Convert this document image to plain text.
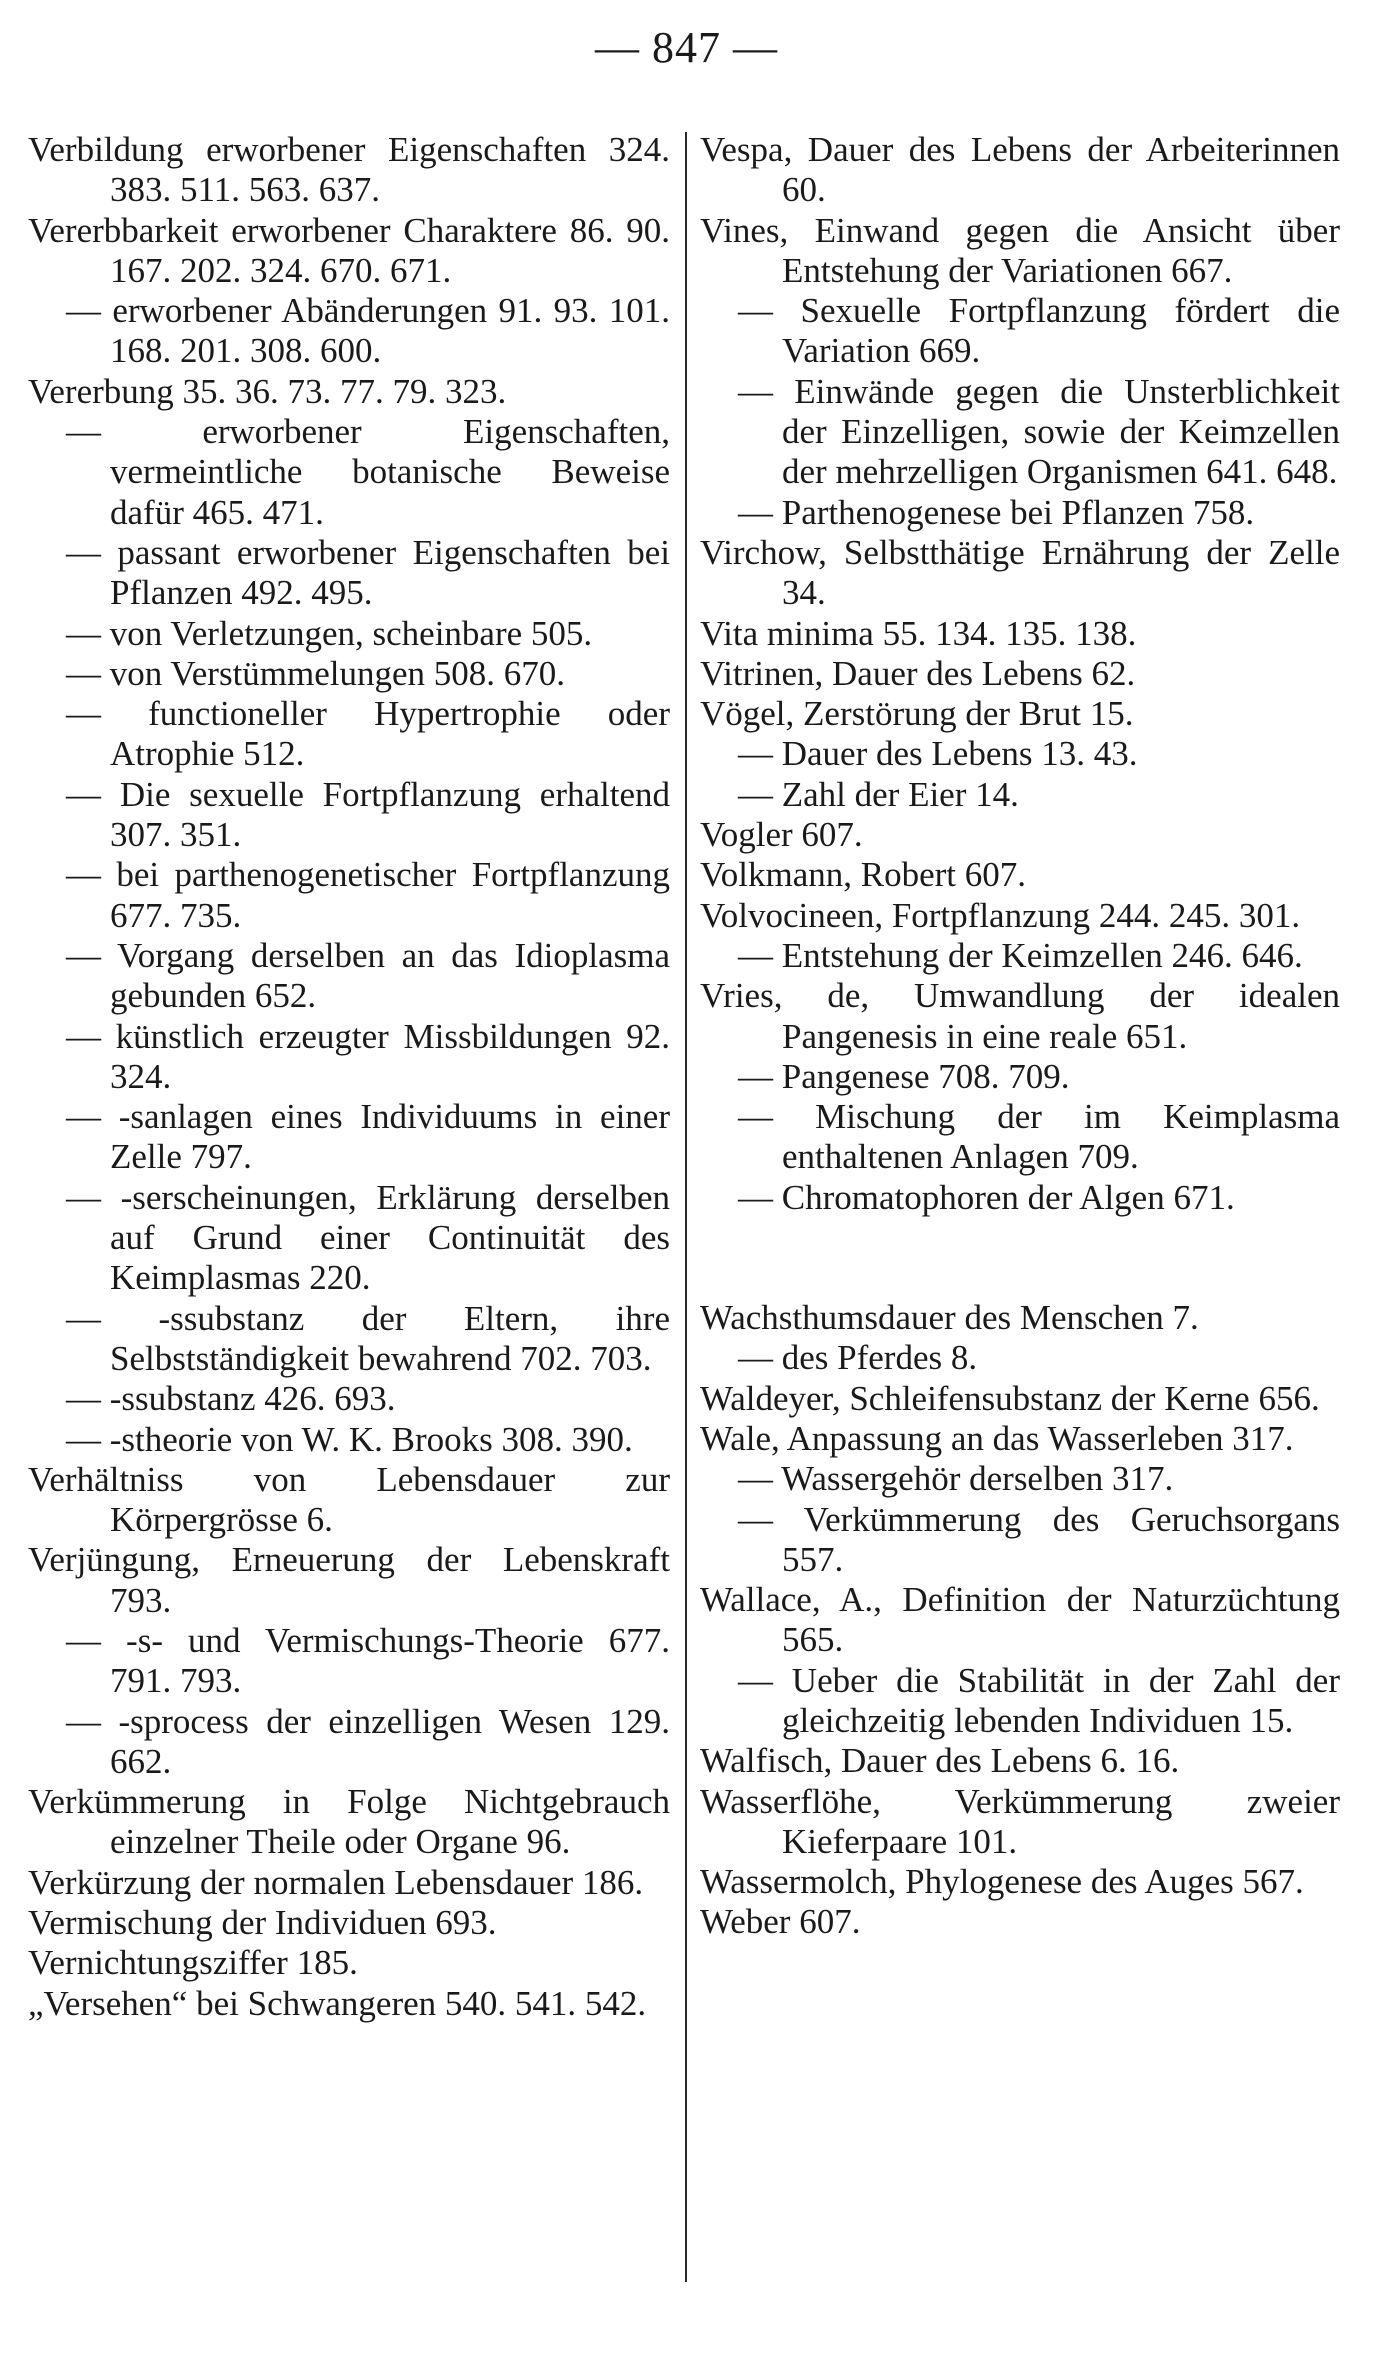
— 847 —
Verbildung erworbener Eigenschaften 324. 383. 511. 563. 637.
Vererbbarkeit erworbener Charaktere 86. 90. 167. 202. 324. 670. 671.
— erworbener Abänderungen 91. 93. 101. 168. 201. 308. 600.
Vererbung 35. 36. 73. 77. 79. 323.
— erworbener Eigenschaften, vermeintliche botanische Beweise dafür 465. 471.
— passant erworbener Eigenschaften bei Pflanzen 492. 495.
— von Verletzungen, scheinbare 505.
— von Verstümmelungen 508. 670.
— functioneller Hypertrophie oder Atrophie 512.
— Die sexuelle Fortpflanzung erhaltend 307. 351.
— bei parthenogenetischer Fortpflanzung 677. 735.
— Vorgang derselben an das Idioplasma gebunden 652.
— künstlich erzeugter Missbildungen 92. 324.
— -sanlagen eines Individuums in einer Zelle 797.
— -serscheinungen, Erklärung derselben auf Grund einer Continuität des Keimplasmas 220.
— -ssubstanz der Eltern, ihre Selbstständigkeit bewahrend 702. 703.
— -ssubstanz 426. 693.
— -stheorie von W. K. Brooks 308. 390.
Verhältniss von Lebensdauer zur Körpergrösse 6.
Verjüngung, Erneuerung der Lebenskraft 793.
— -s- und Vermischungs-Theorie 677. 791. 793.
— -sprocess der einzelligen Wesen 129. 662.
Verkümmerung in Folge Nichtgebrauch einzelner Theile oder Organe 96.
Verkürzung der normalen Lebensdauer 186.
Vermischung der Individuen 693.
Vernichtungsziffer 185.
„Versehen“ bei Schwangeren 540. 541. 542.
Vespa, Dauer des Lebens der Arbeiterinnen 60.
Vines, Einwand gegen die Ansicht über Entstehung der Variationen 667.
— Sexuelle Fortpflanzung fördert die Variation 669.
— Einwände gegen die Unsterblichkeit der Einzelligen, sowie der Keimzellen der mehrzelligen Organismen 641. 648.
— Parthenogenese bei Pflanzen 758.
Virchow, Selbstthätige Ernährung der Zelle 34.
Vita minima 55. 134. 135. 138.
Vitrinen, Dauer des Lebens 62.
Vögel, Zerstörung der Brut 15.
— Dauer des Lebens 13. 43.
— Zahl der Eier 14.
Vogler 607.
Volkmann, Robert 607.
Volvocineen, Fortpflanzung 244. 245. 301.
— Entstehung der Keimzellen 246. 646.
Vries, de, Umwandlung der idealen Pangenesis in eine reale 651.
— Pangenese 708. 709.
— Mischung der im Keimplasma enthaltenen Anlagen 709.
— Chromatophoren der Algen 671.
Wachsthumsdauer des Menschen 7.
— des Pferdes 8.
Waldeyer, Schleifensubstanz der Kerne 656.
Wale, Anpassung an das Wasserleben 317.
— Wassergehör derselben 317.
— Verkümmerung des Geruchsorgans 557.
Wallace, A., Definition der Naturzüchtung 565.
— Ueber die Stabilität in der Zahl der gleichzeitig lebenden Individuen 15.
Walfisch, Dauer des Lebens 6. 16.
Wasserflöhe, Verkümmerung zweier Kieferpaare 101.
Wassermolch, Phylogenese des Auges 567.
Weber 607.
